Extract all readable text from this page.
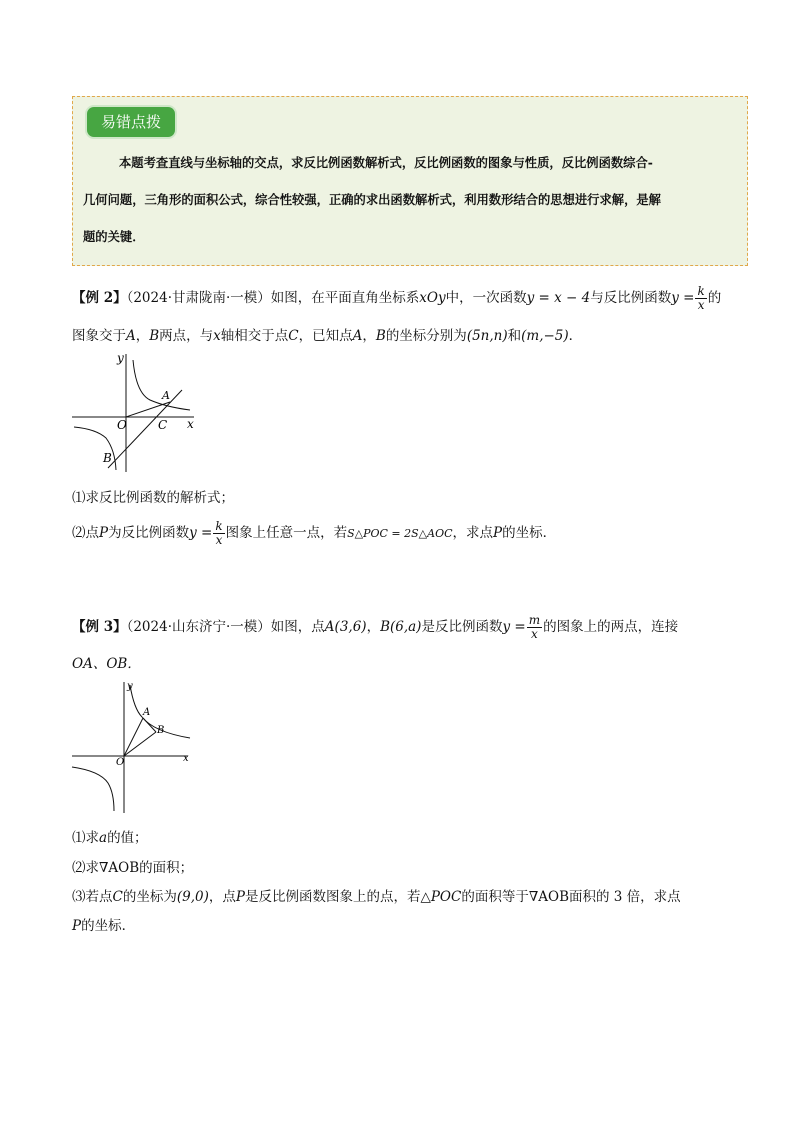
易错点拨
本题考查直线与坐标轴的交点，求反比例函数解析式，反比例函数的图象与性质，反比例函数综合-
几何问题，三角形的面积公式，综合性较强，正确的求出函数解析式，利用数形结合的思想进行求解，是解
题的关键．
【例 2】（2024·甘肃陇南·一模）如图，在平面直角坐标系xOy中，一次函数y = x − 4与反比例函数$y = \frac{k}{x}$ 的
图象交于A，B两点，与x轴相交于点C，已知点A，B的坐标分别为(5n,n)和(m,−5)．
y
x
O
A
B
C
⑴求反比例函数的解析式；
⑵点P为反比例函数$y = \frac{k}{x}$ 图象上任意一点，若S△POC = 2S△AOC，求点P的坐标．
【例 3】（2024·山东济宁·一模）如图，点A(3,6)，B(6,a)是反比例函数$y = \frac{m}{x}$ 的图象上的两点，连接
OA、OB．
y
x
O
A
B
⑴求a的值；
⑵求∇AOB的面积；
⑶若点C的坐标为(9,0)，点P是反比例函数图象上的点，若△POC的面积等于∇AOB面积的 3 倍，求点
P的坐标．
